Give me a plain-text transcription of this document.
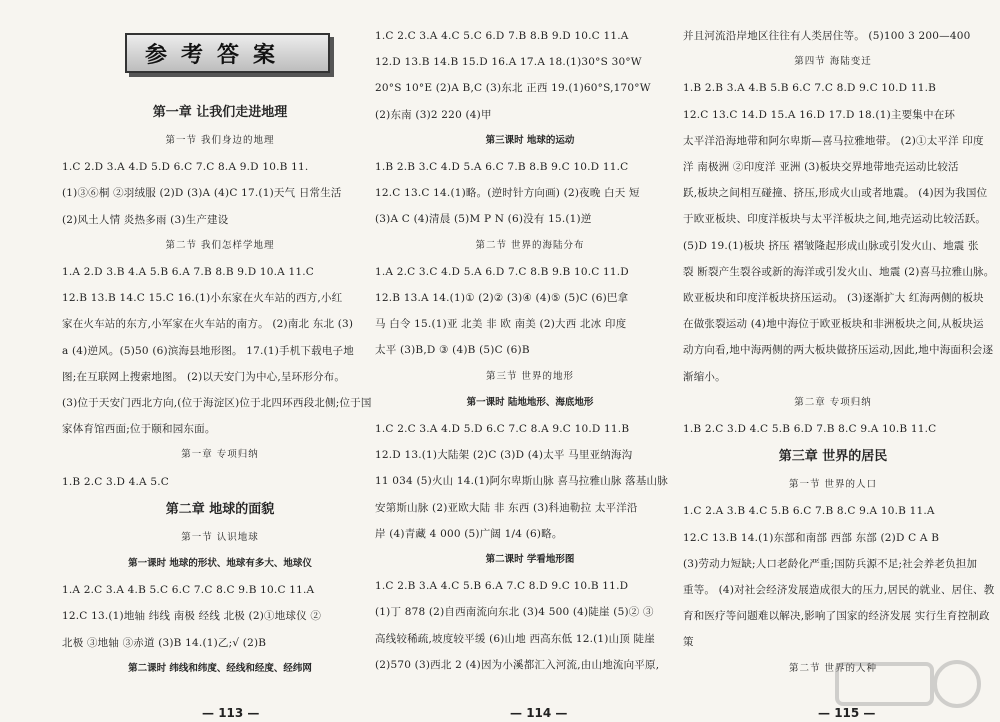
第一章 让我们走进地理
第一节 我们身边的地理
1.C 2.D 3.A 4.D 5.D 6.C 7.C 8.A 9.D 10.B 11.
(1)③⑥桐 ②羽绒服 (2)D (3)A (4)C 17.(1)天气 日常生活
(2)风土人情 炎热多雨 (3)生产建设
第二节 我们怎样学地理
1.A 2.D 3.B 4.A 5.B 6.A 7.B 8.B 9.D 10.A 11.C
12.B 13.B 14.C 15.C 16.(1)小东家在火车站的西方,小红
家在火车站的东方,小军家在火车站的南方。 (2)南北 东北 (3)
a (4)逆风。(5)50 (6)滨海县地形图。 17.(1)手机下载电子地
图;在互联网上搜索地图。 (2)以天安门为中心,呈环形分布。
(3)位于天安门西北方向,(位于海淀区)位于北四环西段北侧;位于国
家体育馆西面;位于颐和园东面。
第一章 专项归纳
1.B 2.C 3.D 4.A 5.C
第二章 地球的面貌
第一节 认识地球
第一课时 地球的形状、地球有多大、地球仪
1.A 2.C 3.A 4.B 5.C 6.C 7.C 8.C 9.B 10.C 11.A
12.C 13.(1)地轴 纬线 南极 经线 北极 (2)①地球仪 ②
北极 ③地轴 ③赤道 (3)B 14.(1)乙;√ (2)B
第二课时 纬线和纬度、经线和经度、经纬网
— 113 —
1.C 2.C 3.A 4.C 5.C 6.D 7.B 8.B 9.D 10.C 11.A
12.D 13.B 14.B 15.D 16.A 17.A 18.(1)30°S 30°W
20°S 10°E (2)A B,C (3)东北 正西 19.(1)60°S,170°W
(2)东南 (3)2 220 (4)甲
第三课时 地球的运动
1.B 2.B 3.C 4.D 5.A 6.C 7.B 8.B 9.C 10.D 11.C
12.C 13.C 14.(1)略。(逆时针方向画) (2)夜晚 白天 短
(3)A C (4)清晨 (5)M P N (6)没有 15.(1)逆
第二节 世界的海陆分布
1.A 2.C 3.C 4.D 5.A 6.D 7.C 8.B 9.B 10.C 11.D
12.B 13.A 14.(1)① (2)② (3)④ (4)⑤ (5)C (6)巴拿
马 白令 15.(1)亚 北美 非 欧 南美 (2)大西 北冰 印度
太平 (3)B,D ③ (4)B (5)C (6)B
第三节 世界的地形
第一课时 陆地地形、海底地形
1.C 2.C 3.A 4.D 5.D 6.C 7.C 8.A 9.C 10.D 11.B
12.D 13.(1)大陆架 (2)C (3)D (4)太平 马里亚纳海沟
11 034 (5)火山 14.(1)阿尔卑斯山脉 喜马拉雅山脉 落基山脉
安第斯山脉 (2)亚欧大陆 非 东西 (3)科迪勒拉 太平洋沿
岸 (4)青藏 4 000 (5)广阔 1/4 (6)略。
第二课时 学看地形图
1.C 2.B 3.A 4.C 5.B 6.A 7.C 8.D 9.C 10.B 11.D
(1)丁 878 (2)自西南流向东北 (3)4 500 (4)陡崖 (5)② ③
高线较稀疏,坡度较平缓 (6)山地 西高东低 12.(1)山顶 陡崖
(2)570 (3)西北 2 (4)因为小溪都汇入河流,由山地流向平原,
— 114 —
并且河流沿岸地区往往有人类居住等。 (5)100 3 200—400
第四节 海陆变迁
1.B 2.B 3.A 4.B 5.B 6.C 7.C 8.D 9.C 10.D 11.B
12.C 13.C 14.D 15.A 16.D 17.D 18.(1)主要集中在环
太平洋沿海地带和阿尔卑斯—喜马拉雅地带。 (2)①太平洋 印度
洋 南极洲 ②印度洋 亚洲 (3)板块交界地带地壳运动比较活
跃,板块之间相互碰撞、挤压,形成火山或者地震。 (4)因为我国位
于欧亚板块、印度洋板块与太平洋板块之间,地壳运动比较活跃。
(5)D 19.(1)板块 挤压 褶皱隆起形成山脉或引发火山、地震 张
裂 断裂产生裂谷或新的海洋或引发火山、地震 (2)喜马拉雅山脉。
欧亚板块和印度洋板块挤压运动。 (3)逐渐扩大 红海两侧的板块
在做张裂运动 (4)地中海位于欧亚板块和非洲板块之间,从板块运
动方向看,地中海两侧的两大板块做挤压运动,因此,地中海面积会逐
渐缩小。
第二章 专项归纳
1.B 2.C 3.D 4.C 5.B 6.D 7.B 8.C 9.A 10.B 11.C
第三章 世界的居民
第一节 世界的人口
1.C 2.A 3.B 4.C 5.B 6.C 7.B 8.C 9.A 10.B 11.A
12.C 13.B 14.(1)东部和南部 西部 东部 (2)D C A B
(3)劳动力短缺;人口老龄化严重;国防兵源不足;社会养老负担加
重等。 (4)对社会经济发展造成很大的压力,居民的就业、居住、教
育和医疗等问题难以解决,影响了国家的经济发展 实行生育控制政
策
第二节 世界的人种
— 115 —
参考答案
